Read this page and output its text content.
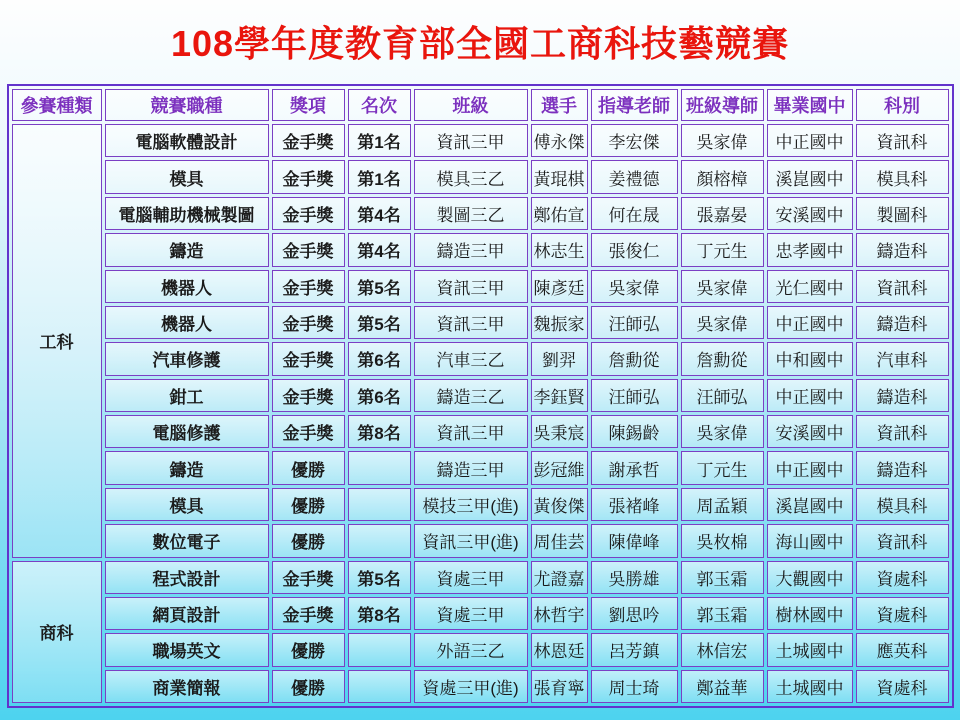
108學年度教育部全國工商科技藝競賽
參賽種類	競賽職種	獎項	名次	班級	選手	指導老師	班級導師	畢業國中	科別
工科	電腦軟體設計	金手獎	第1名	資訊三甲	傅永傑	李宏傑	吳家偉	中正國中	資訊科
	模具	金手獎	第1名	模具三乙	黃琨棋	姜禮德	顏榕樟	溪崑國中	模具科
	電腦輔助機械製圖	金手獎	第4名	製圖三乙	鄭佑宣	何在晟	張嘉晏	安溪國中	製圖科
	鑄造	金手獎	第4名	鑄造三甲	林志生	張俊仁	丁元生	忠孝國中	鑄造科
	機器人	金手獎	第5名	資訊三甲	陳彥廷	吳家偉	吳家偉	光仁國中	資訊科
	機器人	金手獎	第5名	資訊三甲	魏振家	汪師弘	吳家偉	中正國中	鑄造科
	汽車修護	金手獎	第6名	汽車三乙	劉羿	詹勳從	詹勳從	中和國中	汽車科
	鉗工	金手獎	第6名	鑄造三乙	李鈺賢	汪師弘	汪師弘	中正國中	鑄造科
	電腦修護	金手獎	第8名	資訊三甲	吳秉宸	陳錫齡	吳家偉	安溪國中	資訊科
	鑄造	優勝		鑄造三甲	彭冠維	謝承哲	丁元生	中正國中	鑄造科
	模具	優勝		模技三甲(進)	黃俊傑	張褚峰	周孟穎	溪崑國中	模具科
	數位電子	優勝		資訊三甲(進)	周佳芸	陳偉峰	吳枚棉	海山國中	資訊科
商科	程式設計	金手獎	第5名	資處三甲	尤證嘉	吳勝雄	郭玉霜	大觀國中	資處科
	網頁設計	金手獎	第8名	資處三甲	林哲宇	劉思吟	郭玉霜	樹林國中	資處科
	職場英文	優勝		外語三乙	林恩廷	呂芳鎮	林信宏	土城國中	應英科
	商業簡報	優勝		資處三甲(進)	張育寧	周士琦	鄭益華	土城國中	資處科
